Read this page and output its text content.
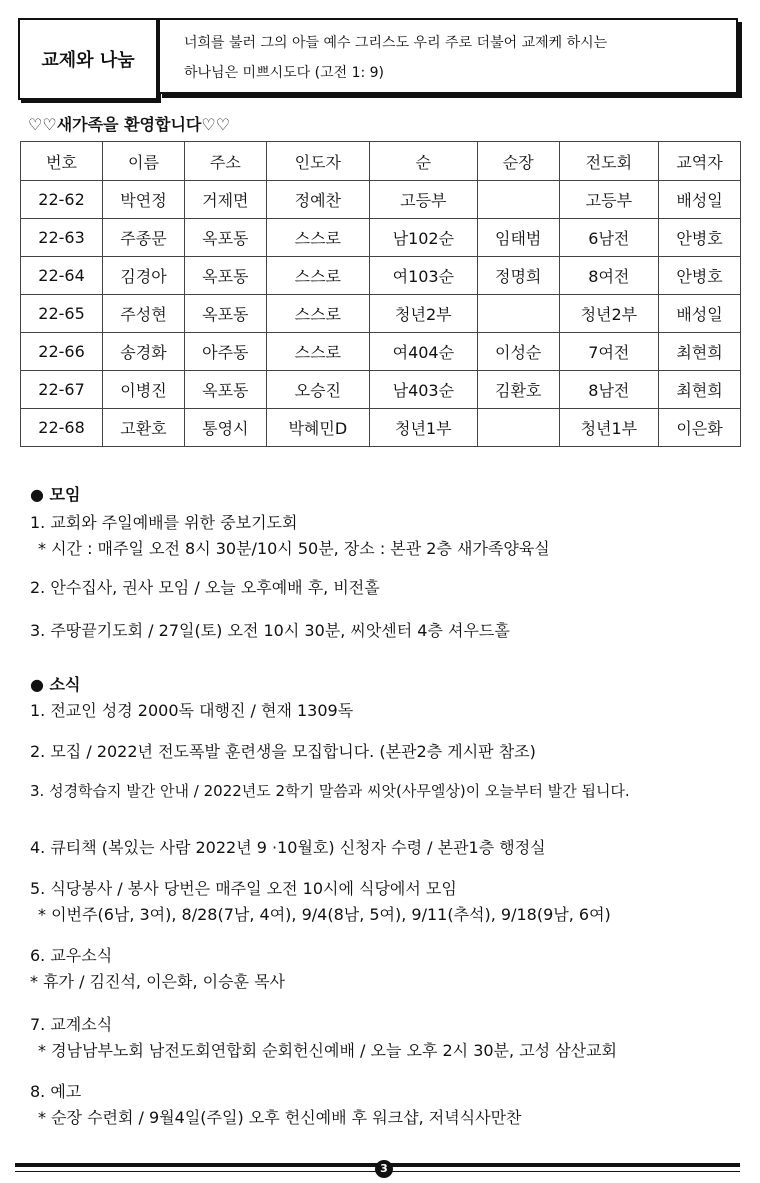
교제와 나눔
너희를 불러 그의 아들 예수 그리스도 우리 주로 더불어 교제케 하시는
하나님은 미쁘시도다 (고전 1: 9)
♡♡새가족을 환영합니다♡♡
번호	이름	주소	인도자	순	순장	전도회	교역자
22-62	박연정	거제면	정예찬	고등부		고등부	배성일
22-63	주종문	옥포동	스스로	남102순	임태범	6남전	안병호
22-64	김경아	옥포동	스스로	여103순	정명희	8여전	안병호
22-65	주성현	옥포동	스스로	청년2부		청년2부	배성일
22-66	송경화	아주동	스스로	여404순	이성순	7여전	최현희
22-67	이병진	옥포동	오승진	남403순	김환호	8남전	최현희
22-68	고환호	통영시	박혜민D	청년1부		청년1부	이은화
● 모임
1. 교회와 주일예배를 위한 중보기도회
* 시간 : 매주일 오전 8시 30분/10시 50분, 장소 : 본관 2층 새가족양육실
2. 안수집사, 권사 모임 / 오늘 오후예배 후, 비전홀
3. 주땅끝기도회 / 27일(토) 오전 10시 30분, 씨앗센터 4층 셔우드홀
● 소식
1. 전교인 성경 2000독 대행진 / 현재 1309독
2. 모집 / 2022년 전도폭발 훈련생을 모집합니다. (본관2층 게시판 참조)
3. 성경학습지 발간 안내 / 2022년도 2학기 말씀과 씨앗(사무엘상)이 오늘부터 발간 됩니다.
4. 큐티책 (복있는 사람 2022년 9 ·10월호) 신청자 수령 / 본관1층 행정실
5. 식당봉사 / 봉사 당번은 매주일 오전 10시에 식당에서 모임
* 이번주(6남, 3여), 8/28(7남, 4여), 9/4(8남, 5여), 9/11(추석), 9/18(9남, 6여)
6. 교우소식
* 휴가 / 김진석, 이은화, 이승훈 목사
7. 교계소식
* 경남남부노회 남전도회연합회 순회헌신예배 / 오늘 오후 2시 30분, 고성 삼산교회
8. 예고
* 순장 수련회 / 9월4일(주일) 오후 헌신예배 후 워크샵, 저녁식사만찬
3
